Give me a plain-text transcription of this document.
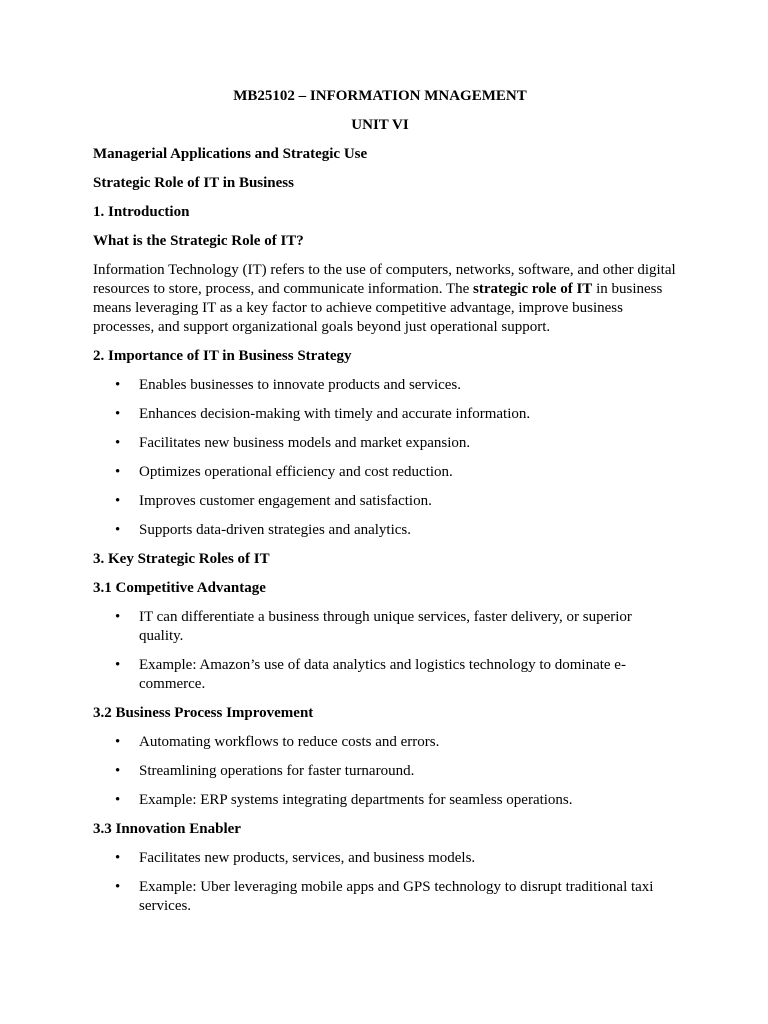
MB25102 – INFORMATION MNAGEMENT

UNIT VI

Managerial Applications and Strategic Use

Strategic Role of IT in Business

1. Introduction

What is the Strategic Role of IT?

Information Technology (IT) refers to the use of computers, networks, software, and other digital resources to store, process, and communicate information. The strategic role of IT in business means leveraging IT as a key factor to achieve competitive advantage, improve business processes, and support organizational goals beyond just operational support.

2. Importance of IT in Business Strategy

• Enables businesses to innovate products and services.
• Enhances decision-making with timely and accurate information.
• Facilitates new business models and market expansion.
• Optimizes operational efficiency and cost reduction.
• Improves customer engagement and satisfaction.
• Supports data-driven strategies and analytics.

3. Key Strategic Roles of IT

3.1 Competitive Advantage

• IT can differentiate a business through unique services, faster delivery, or superior quality.
• Example: Amazon’s use of data analytics and logistics technology to dominate e-commerce.

3.2 Business Process Improvement

• Automating workflows to reduce costs and errors.
• Streamlining operations for faster turnaround.
• Example: ERP systems integrating departments for seamless operations.

3.3 Innovation Enabler

• Facilitates new products, services, and business models.
• Example: Uber leveraging mobile apps and GPS technology to disrupt traditional taxi services.
